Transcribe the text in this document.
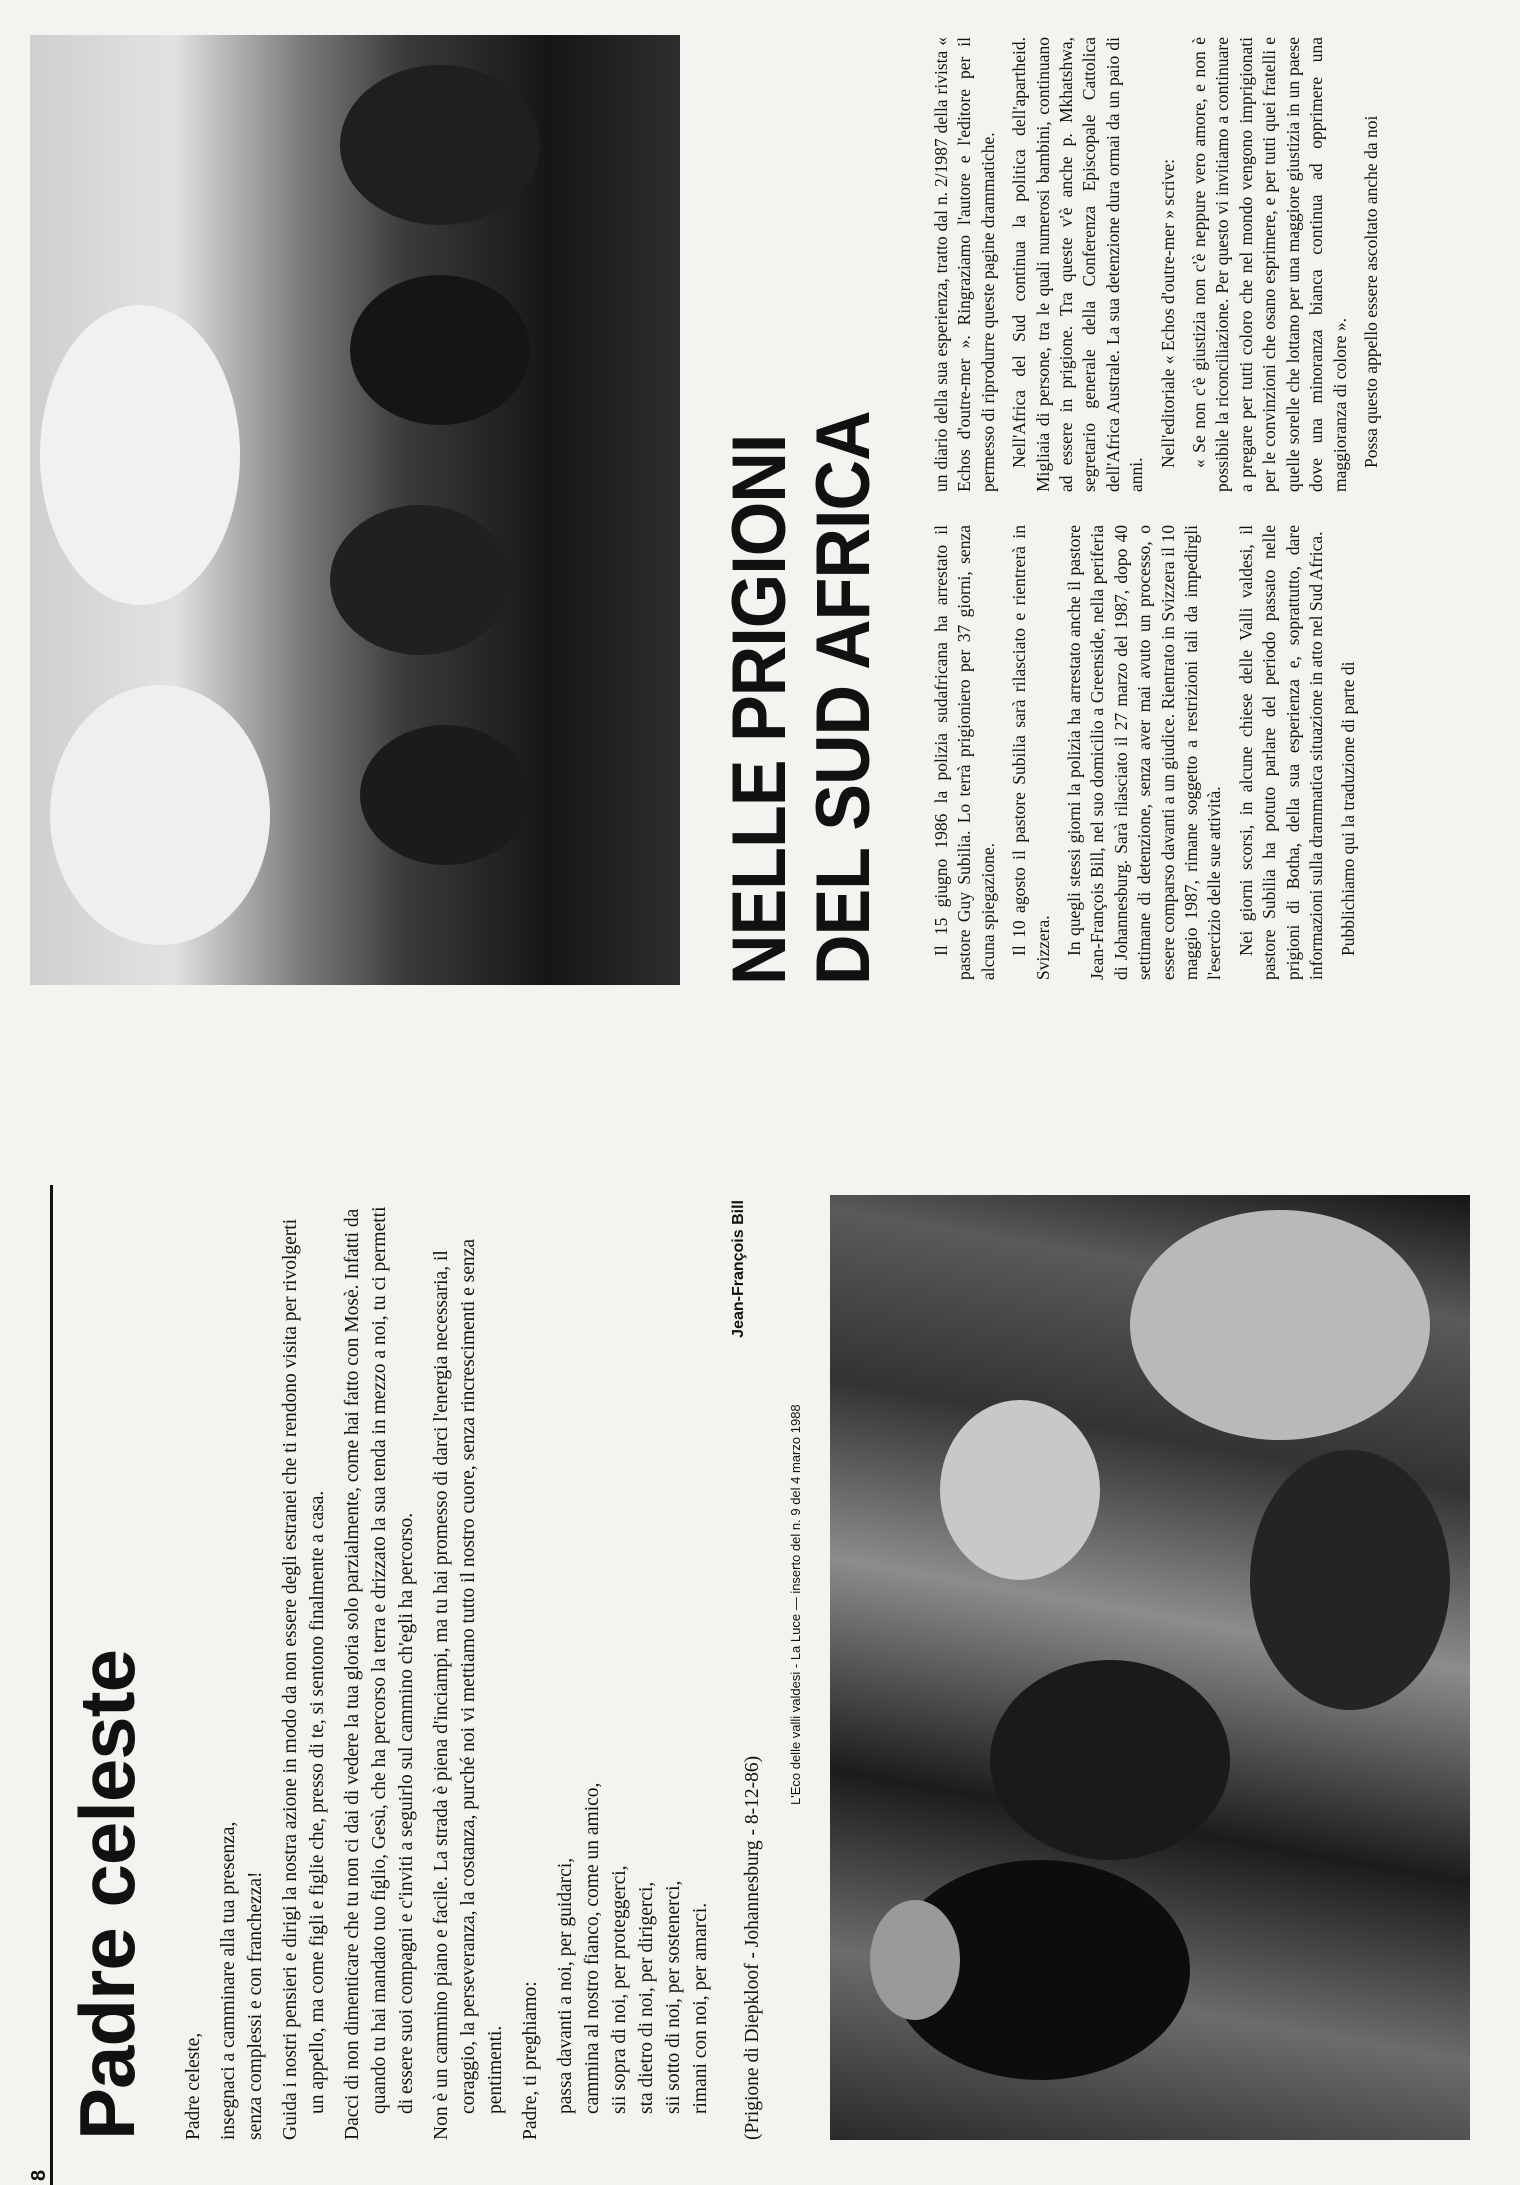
8
Padre celeste Padre celeste, insegnaci a camminare alla tua presenza, senza complessi e con franchezza! Guida i nostri pensieri e dirigi la nostra azione in modo da non essere degli estranei che ti rendono visita per rivolgerti un appello, ma come figli e figlie che, presso di te, si sentono finalmente a casa. Dacci di non dimenticare che tu non ci dai di vedere la tua gloria solo parzialmente, come hai fatto con Mosè. Infatti da quando tu hai mandato tuo figlio, Gesù, che ha percorso la terra e drizzato la sua tenda in mezzo a noi, tu ci permetti di essere suoi compagni e c'inviti a seguirlo sul cammino ch'egli ha percorso. Non è un cammino piano e facile. La strada è piena d'inciampi, ma tu hai promesso di darci l'energia necessaria, il coraggio, la perseveranza, la costanza, purché noi vi mettiamo tutto il nostro cuore, senza rincrescimenti e senza pentimenti. Padre, ti preghiamo: passa davanti a noi, per guidarci, cammina al nostro fianco, come un amico, sii sopra di noi, per proteggerci, sta dietro di noi, per dirigerci, sii sotto di noi, per sostenerci, rimani con noi, per amarci.
Jean-François Bill
(Prigione di Diepkloof - Johannesburg - 8-12-86)
L'Eco delle valli valdesi - La Luce — inserto del n. 9 del 4 marzo 1988
NELLE PRIGIONI DEL SUD AFRICA	Il 15 giugno 1986 la polizia sudafricana ha arrestato il pastore Guy Subilia. Lo terrà prigioniero per 37 giorni, senza alcuna spiegazione. Il 10 agosto il pastore Subilia sarà rilasciato e rientrerà in Svizzera. In quegli stessi giorni la polizia ha arrestato anche il pastore Jean-François Bill, nel suo domicilio a Greenside, nella periferia di Johannesburg. Sarà rilasciato il 27 marzo del 1987, dopo 40 settimane di detenzione, senza aver mai avuto un processo, o essere comparso davanti a un giudice. Rientrato in Svizzera il 10 maggio 1987, rimane soggetto a restrizioni tali da impedirgli l'esercizio delle sue attività. Nei giorni scorsi, in alcune chiese delle Valli valdesi, il pastore Subilia ha potuto parlare del periodo passato nelle prigioni di Botha, della sua esperienza e, soprattutto, dare informazioni sulla drammatica situazione in atto nel Sud Africa. Pubblichiamo qui la traduzione di parte di

un diario della sua esperienza, tratto dal n. 2/1987 della rivista « Echos d'outre-mer ». Ringraziamo l'autore e l'editore per il permesso di riprodurre queste pagine drammatiche. Nell'Africa del Sud continua la politica dell'apartheid. Migliaia di persone, tra le quali numerosi bambini, continuano ad essere in prigione. Tra queste v'è anche p. Mkhatshwa, segretario generale della Conferenza Episcopale Cattolica dell'Africa Australe. La sua detenzione dura ormai da un paio di anni.

Nell'editoriale « Echos d'outre-mer » scrive: « Se non c'è giustizia non c'è neppure vero amore, e non è possibile la riconciliazione. Per questo vi invitiamo a continuare a pregare per tutti coloro che nel mondo vengono imprigionati per le convinzioni che osano esprimere, e per tutti quei fratelli e quelle sorelle che lottano per una maggiore giustizia in un paese dove una minoranza bianca continua ad opprimere una maggioranza di colore ». Possa questo appello essere ascoltato anche da noi
